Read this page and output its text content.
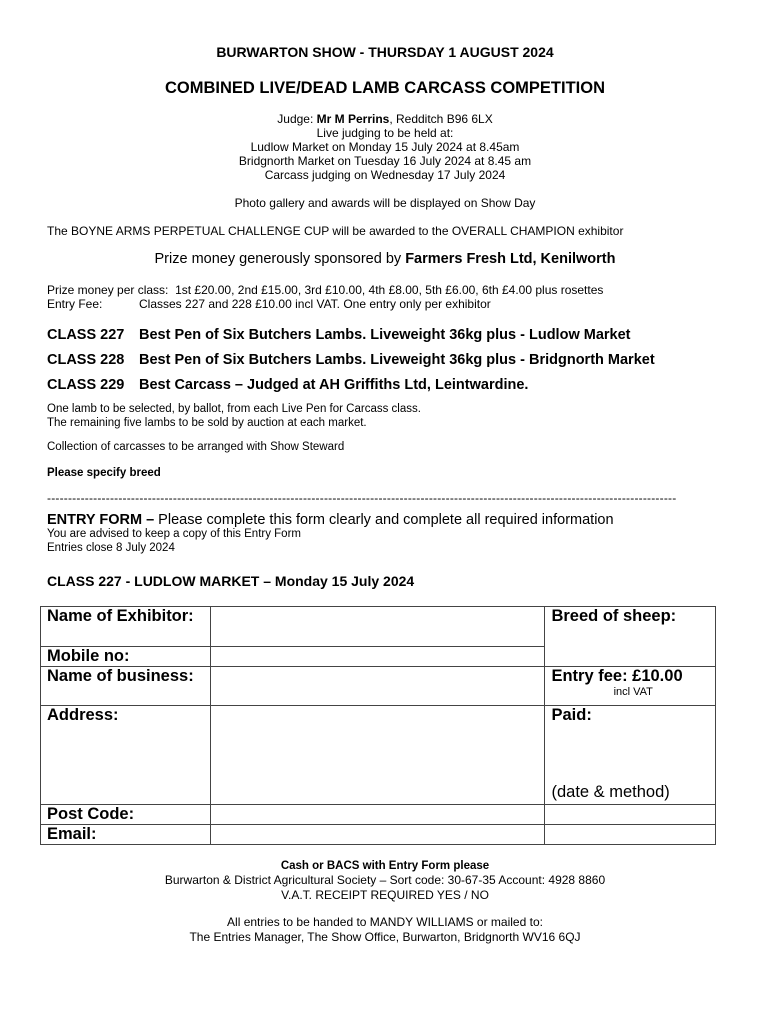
BURWARTON SHOW - THURSDAY 1 AUGUST 2024
COMBINED LIVE/DEAD LAMB CARCASS COMPETITION
Judge: Mr M Perrins, Redditch B96 6LX
Live judging to be held at:
Ludlow Market on Monday 15 July 2024 at 8.45am
Bridgnorth Market on Tuesday 16 July 2024 at 8.45 am
Carcass judging on Wednesday 17 July 2024
Photo gallery and awards will be displayed on Show Day
The BOYNE ARMS PERPETUAL CHALLENGE CUP will be awarded to the OVERALL CHAMPION exhibitor
Prize money generously sponsored by Farmers Fresh Ltd, Kenilworth
Prize money per class: 1st £20.00, 2nd £15.00, 3rd £10.00, 4th £8.00, 5th £6.00, 6th £4.00 plus rosettes
Entry Fee:	Classes 227 and 228 £10.00 incl VAT. One entry only per exhibitor
CLASS 227 Best Pen of Six Butchers Lambs. Liveweight 36kg plus - Ludlow Market
CLASS 228 Best Pen of Six Butchers Lambs. Liveweight 36kg plus - Bridgnorth Market
CLASS 229 Best Carcass – Judged at AH Griffiths Ltd, Leintwardine.
One lamb to be selected, by ballot, from each Live Pen for Carcass class.
The remaining five lambs to be sold by auction at each market.
Collection of carcasses to be arranged with Show Steward
Please specify breed
------------------------------------------------------------------------------------------------------------------------------------------------------
ENTRY FORM – Please complete this form clearly and complete all required information
You are advised to keep a copy of this Entry Form
Entries close 8 July 2024
CLASS 227 - LUDLOW MARKET – Monday 15 July 2024
Name of Exhibitor:		Breed of sheep:
Mobile no:		
Name of business:		Entry fee: £10.00
incl VAT

Address:		Paid:
(date & method)

Post Code:		
Email:		
Cash or BACS with Entry Form please
Burwarton & District Agricultural Society – Sort code: 30-67-35 Account: 4928 8860
V.A.T. RECEIPT REQUIRED YES / NO
All entries to be handed to MANDY WILLIAMS or mailed to:
The Entries Manager, The Show Office, Burwarton, Bridgnorth WV16 6QJ
